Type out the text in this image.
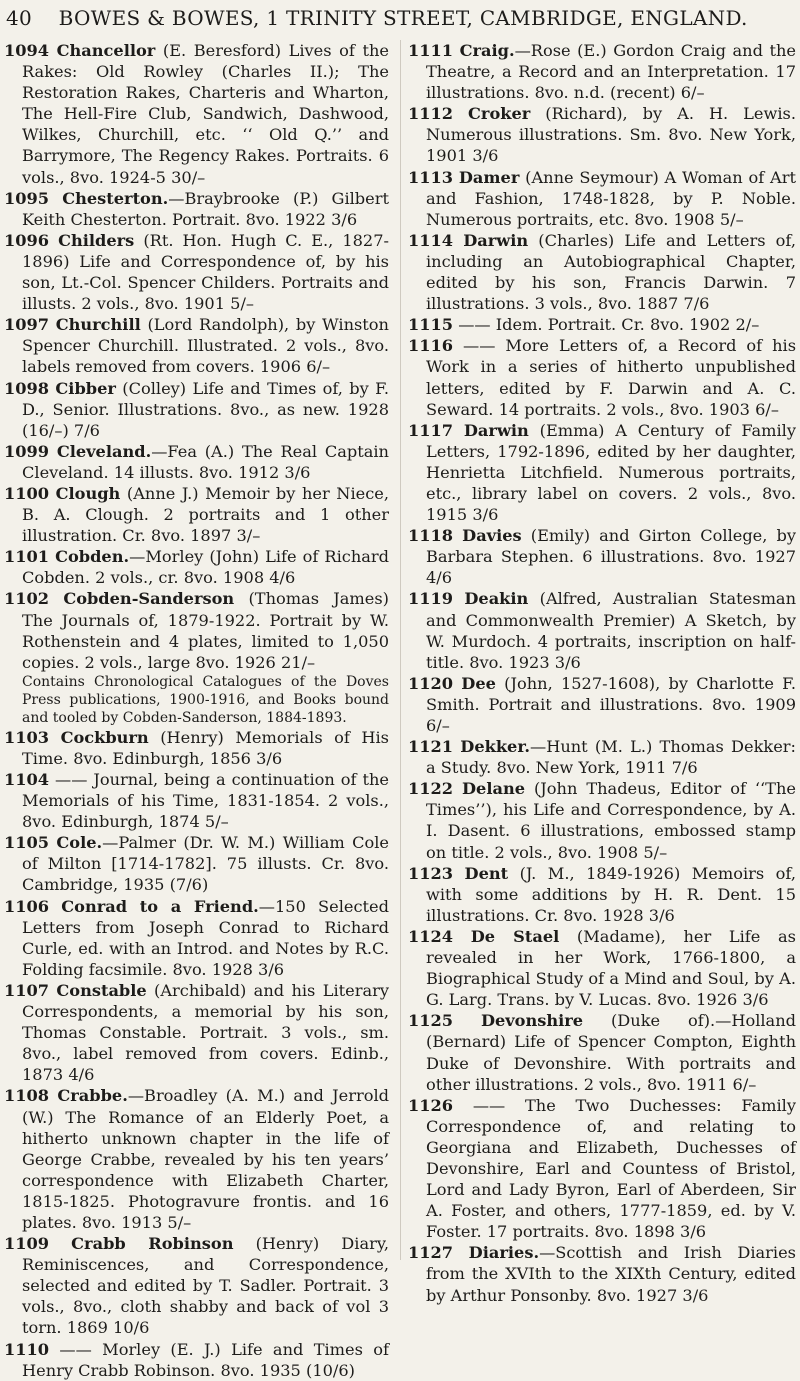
40 BOWES & BOWES, 1 TRINITY STREET, CAMBRIDGE, ENGLAND.
1094 Chancellor (E. Beresford) Lives of the Rakes: Old Rowley (Charles II.); The Restoration Rakes, Charteris and Wharton, The Hell-Fire Club, Sandwich, Dashwood, Wilkes, Churchill, etc. ‘‘ Old Q.’’ and Barrymore, The Regency Rakes. Portraits. 6 vols., 8vo. 1924-5 30/–
1095 Chesterton.—Braybrooke (P.) Gilbert Keith Chesterton. Portrait. 8vo. 1922 3/6
1096 Childers (Rt. Hon. Hugh C. E., 1827-1896) Life and Correspondence of, by his son, Lt.-Col. Spencer Childers. Portraits and illusts. 2 vols., 8vo. 1901 5/–
1097 Churchill (Lord Randolph), by Winston Spencer Churchill. Illustrated. 2 vols., 8vo. labels removed from covers. 1906 6/–
1098 Cibber (Colley) Life and Times of, by F. D., Senior. Illustrations. 8vo., as new. 1928 (16/–) 7/6
1099 Cleveland.—Fea (A.) The Real Captain Cleveland. 14 illusts. 8vo. 1912 3/6
1100 Clough (Anne J.) Memoir by her Niece, B. A. Clough. 2 portraits and 1 other illustration. Cr. 8vo. 1897 3/–
1101 Cobden.—Morley (John) Life of Richard Cobden. 2 vols., cr. 8vo. 1908 4/6
1102 Cobden-Sanderson (Thomas James) The Journals of, 1879-1922. Portrait by W. Rothenstein and 4 plates, limited to 1,050 copies. 2 vols., large 8vo. 1926 21/–
Contains Chronological Catalogues of the Doves Press publications, 1900-1916, and Books bound and tooled by Cobden-Sanderson, 1884-1893.
1103 Cockburn (Henry) Memorials of His Time. 8vo. Edinburgh, 1856 3/6
1104 —— Journal, being a continuation of the Memorials of his Time, 1831-1854. 2 vols., 8vo. Edinburgh, 1874 5/–
1105 Cole.—Palmer (Dr. W. M.) William Cole of Milton [1714-1782]. 75 illusts. Cr. 8vo. Cambridge, 1935 (7/6)
1106 Conrad to a Friend.—150 Selected Letters from Joseph Conrad to Richard Curle, ed. with an Introd. and Notes by R.C. Folding facsimile. 8vo. 1928 3/6
1107 Constable (Archibald) and his Literary Correspondents, a memorial by his son, Thomas Constable. Portrait. 3 vols., sm. 8vo., label removed from covers. Edinb., 1873 4/6
1108 Crabbe.—Broadley (A. M.) and Jerrold (W.) The Romance of an Elderly Poet, a hitherto unknown chapter in the life of George Crabbe, revealed by his ten years’ correspondence with Elizabeth Charter, 1815-1825. Photogravure frontis. and 16 plates. 8vo. 1913 5/–
1109 Crabb Robinson (Henry) Diary, Reminiscences, and Correspondence, selected and edited by T. Sadler. Portrait. 3 vols., 8vo., cloth shabby and back of vol 3 torn. 1869 10/6
1110 —— Morley (E. J.) Life and Times of Henry Crabb Robinson. 8vo. 1935 (10/6)
1111 Craig.—Rose (E.) Gordon Craig and the Theatre, a Record and an Interpretation. 17 illustrations. 8vo. n.d. (recent) 6/–
1112 Croker (Richard), by A. H. Lewis. Numerous illustrations. Sm. 8vo. New York, 1901 3/6
1113 Damer (Anne Seymour) A Woman of Art and Fashion, 1748-1828, by P. Noble. Numerous portraits, etc. 8vo. 1908 5/–
1114 Darwin (Charles) Life and Letters of, including an Autobiographical Chapter, edited by his son, Francis Darwin. 7 illustrations. 3 vols., 8vo. 1887 7/6
1115 —— Idem. Portrait. Cr. 8vo. 1902 2/–
1116 —— More Letters of, a Record of his Work in a series of hitherto unpublished letters, edited by F. Darwin and A. C. Seward. 14 portraits. 2 vols., 8vo. 1903 6/–
1117 Darwin (Emma) A Century of Family Letters, 1792-1896, edited by her daughter, Henrietta Litchfield. Numerous portraits, etc., library label on covers. 2 vols., 8vo. 1915 3/6
1118 Davies (Emily) and Girton College, by Barbara Stephen. 6 illustrations. 8vo. 1927 4/6
1119 Deakin (Alfred, Australian Statesman and Commonwealth Premier) A Sketch, by W. Murdoch. 4 portraits, inscription on half-title. 8vo. 1923 3/6
1120 Dee (John, 1527-1608), by Charlotte F. Smith. Portrait and illustrations. 8vo. 1909 6/–
1121 Dekker.—Hunt (M. L.) Thomas Dekker: a Study. 8vo. New York, 1911 7/6
1122 Delane (John Thadeus, Editor of ‘‘The Times’’), his Life and Correspondence, by A. I. Dasent. 6 illustrations, embossed stamp on title. 2 vols., 8vo. 1908 5/–
1123 Dent (J. M., 1849-1926) Memoirs of, with some additions by H. R. Dent. 15 illustrations. Cr. 8vo. 1928 3/6
1124 De Stael (Madame), her Life as revealed in her Work, 1766-1800, a Biographical Study of a Mind and Soul, by A. G. Larg. Trans. by V. Lucas. 8vo. 1926 3/6
1125 Devonshire (Duke of).—Holland (Bernard) Life of Spencer Compton, Eighth Duke of Devonshire. With portraits and other illustrations. 2 vols., 8vo. 1911 6/–
1126 —— The Two Duchesses: Family Correspondence of, and relating to Georgiana and Elizabeth, Duchesses of Devonshire, Earl and Countess of Bristol, Lord and Lady Byron, Earl of Aberdeen, Sir A. Foster, and others, 1777-1859, ed. by V. Foster. 17 portraits. 8vo. 1898 3/6
1127 Diaries.—Scottish and Irish Diaries from the XVIth to the XIXth Century, edited by Arthur Ponsonby. 8vo. 1927 3/6
